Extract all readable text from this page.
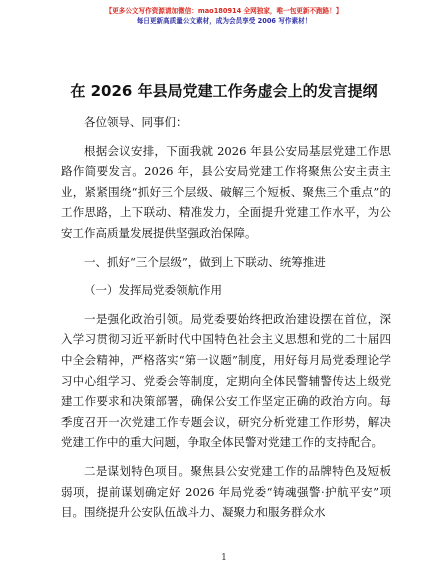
【更多公文写作资源请加微信：mao180914 全网独家，唯一包更新不跑路！】
每日更新高质量公文素材，成为会员享受 2006 写作素材！
在 2026 年县局党建工作务虚会上的发言提纲

各位领导、同事们：

根据会议安排，下面我就 2026 年县公安局基层党建工作思路作简要发言。2026 年，县公安局党建工作将聚焦公安主责主业，紧紧围绕“抓好三个层级、破解三个短板、聚焦三个重点”的工作思路，上下联动、精准发力，全面提升党建工作水平，为公安工作高质量发展提供坚强政治保障。

一、抓好“三个层级”，做到上下联动、统筹推进

（一）发挥局党委领航作用

一是强化政治引领。局党委要始终把政治建设摆在首位，深入学习贯彻习近平新时代中国特色社会主义思想和党的二十届四中全会精神，严格落实“第一议题”制度，用好每月局党委理论学习中心组学习、党委会等制度，定期向全体民警辅警传达上级党建工作要求和决策部署，确保公安工作坚定正确的政治方向。每季度召开一次党建工作专题会议，研究分析党建工作形势，解决党建工作中的重大问题，争取全体民警对党建工作的支持配合。

二是谋划特色项目。聚焦县公安党建工作的品牌特色及短板弱项，提前谋划确定好 2026 年局党委“铸魂强警·护航平安”项目。围绕提升公安队伍战斗力、凝聚力和服务群众水

1
